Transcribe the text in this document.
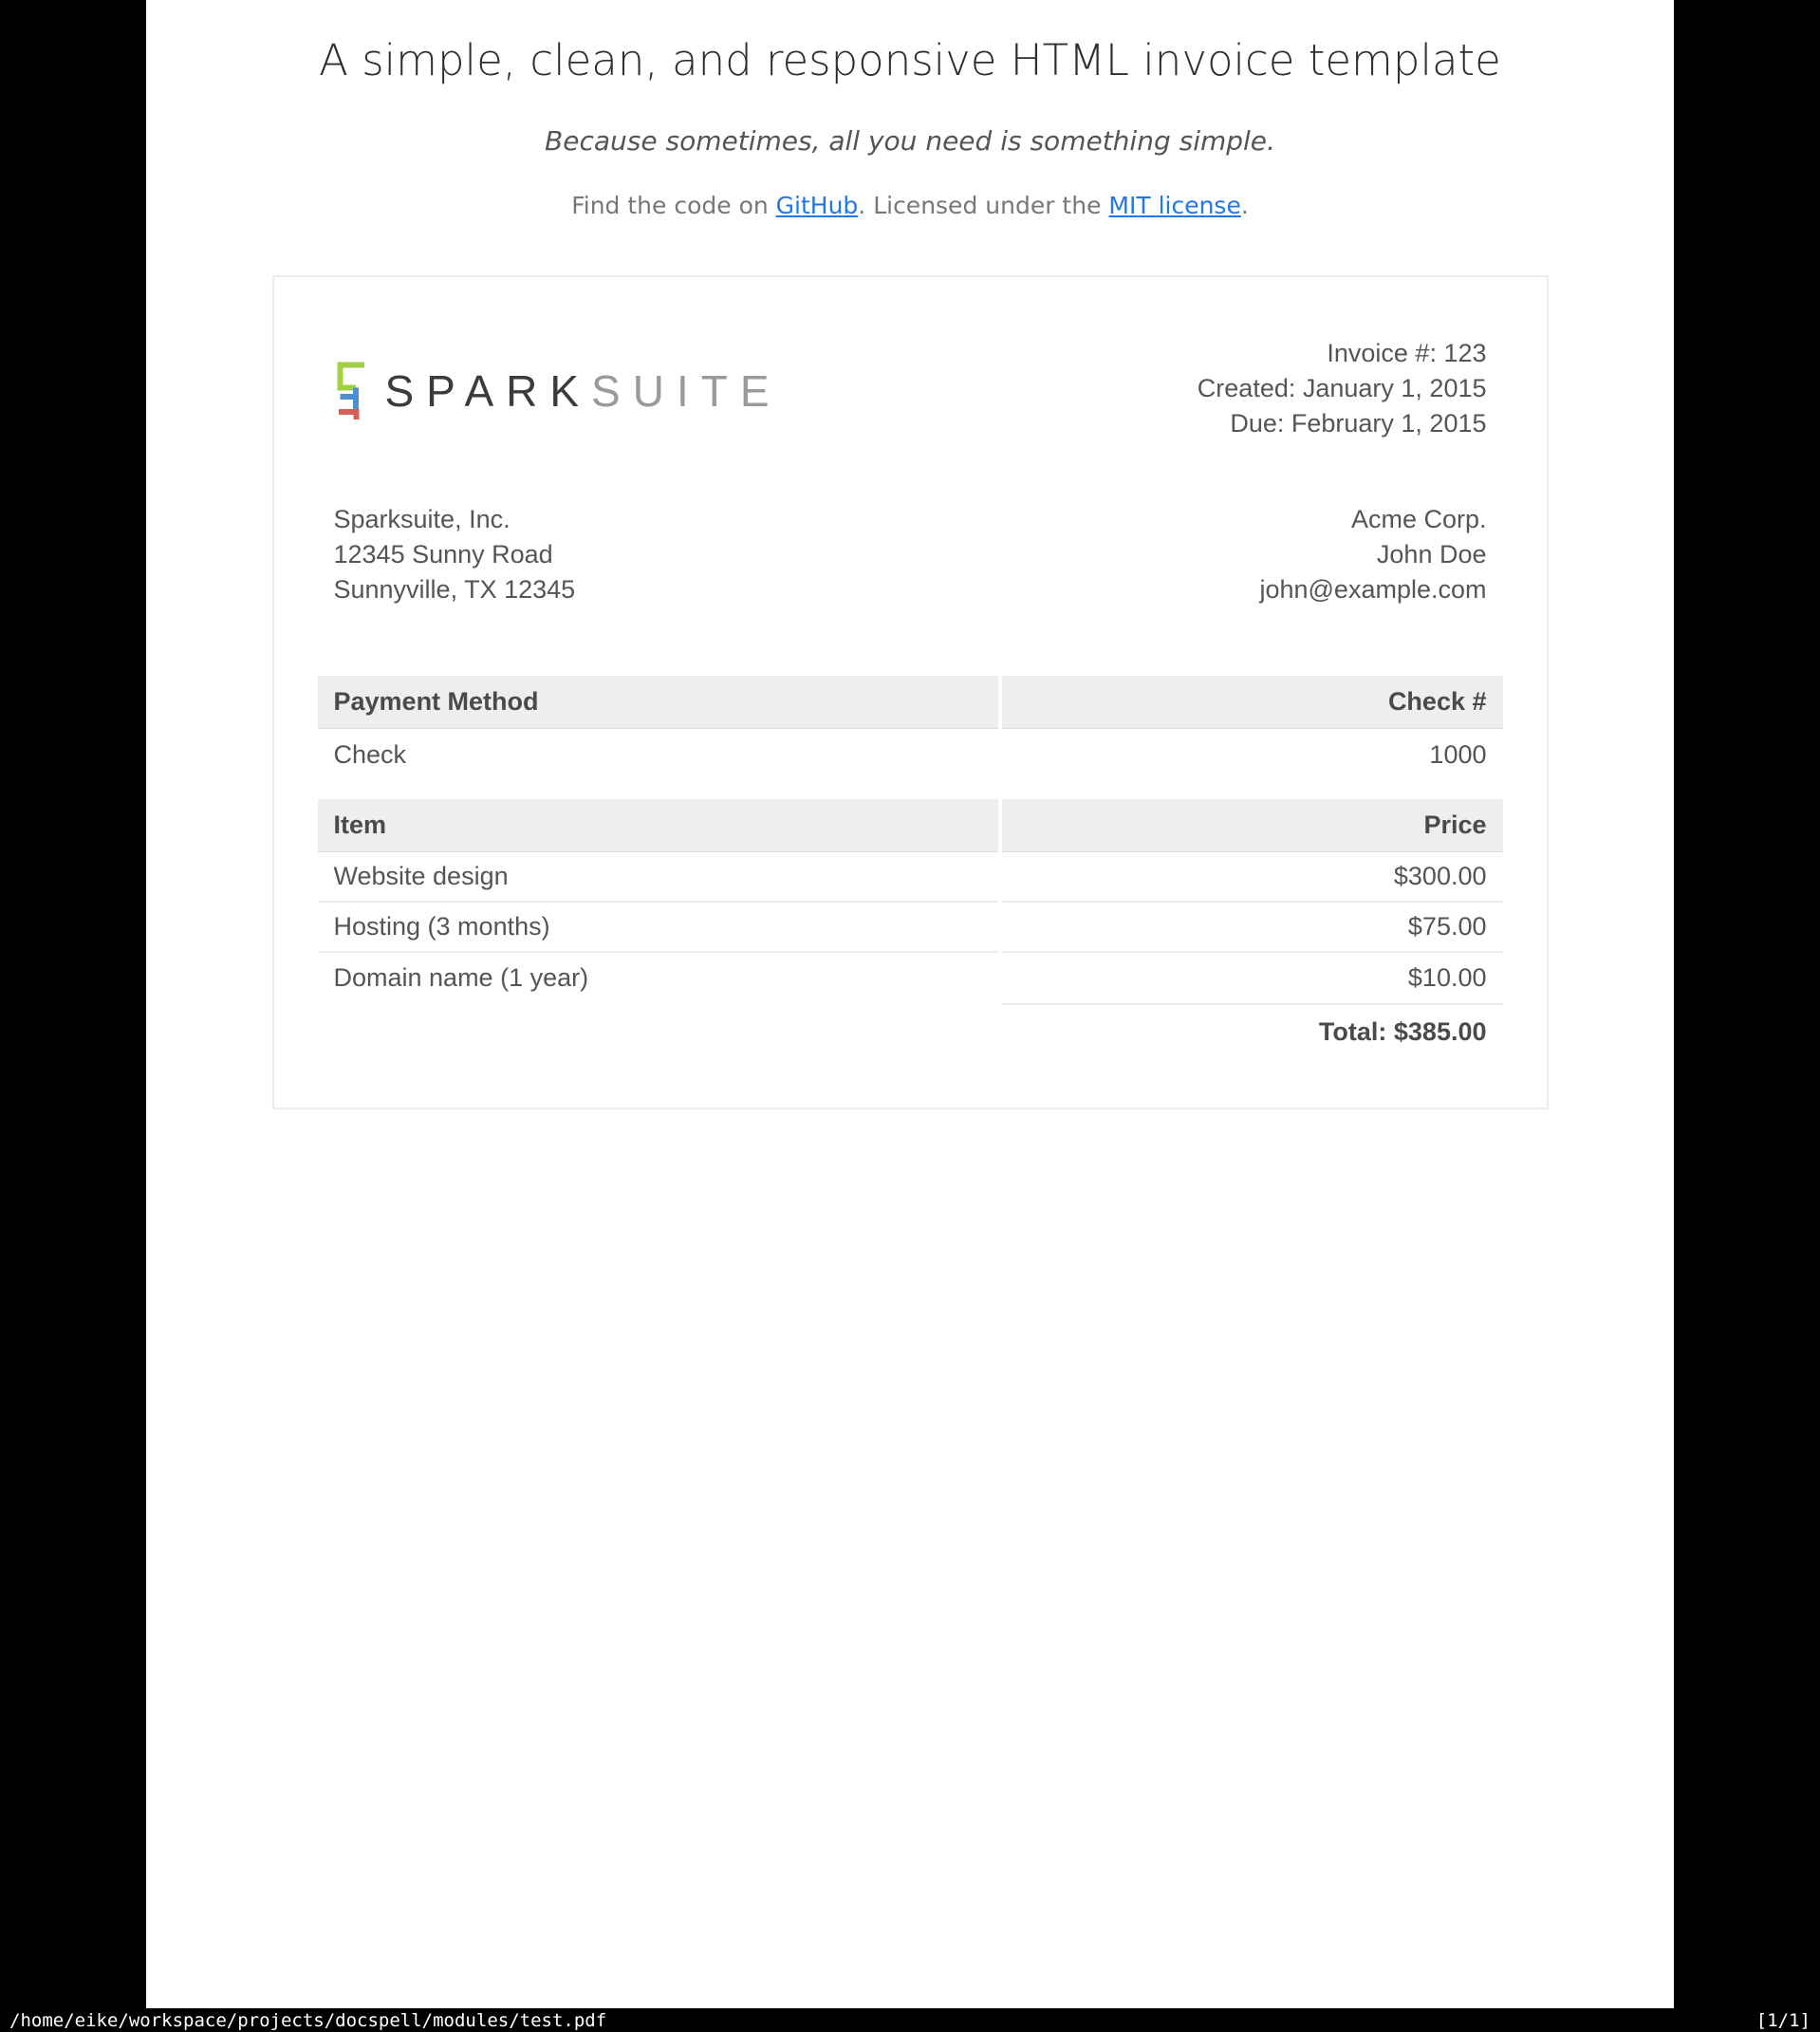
A simple, clean, and responsive HTML invoice template
Because sometimes, all you need is something simple.
Find the code on GitHub. Licensed under the MIT license.
SPARKSUITE
Invoice #: 123
Created: January 1, 2015
Due: February 1, 2015
Sparksuite, Inc.
12345 Sunny Road
Sunnyville, TX 12345
Acme Corp.
John Doe
john@example.com
Payment Method	Check #
Check	1000
Item	Price
Website design	$300.00
Hosting (3 months)	$75.00
Domain name (1 year)	$10.00
Total: $385.00
/home/eike/workspace/projects/docspell/modules/test.pdf	[1/1]
